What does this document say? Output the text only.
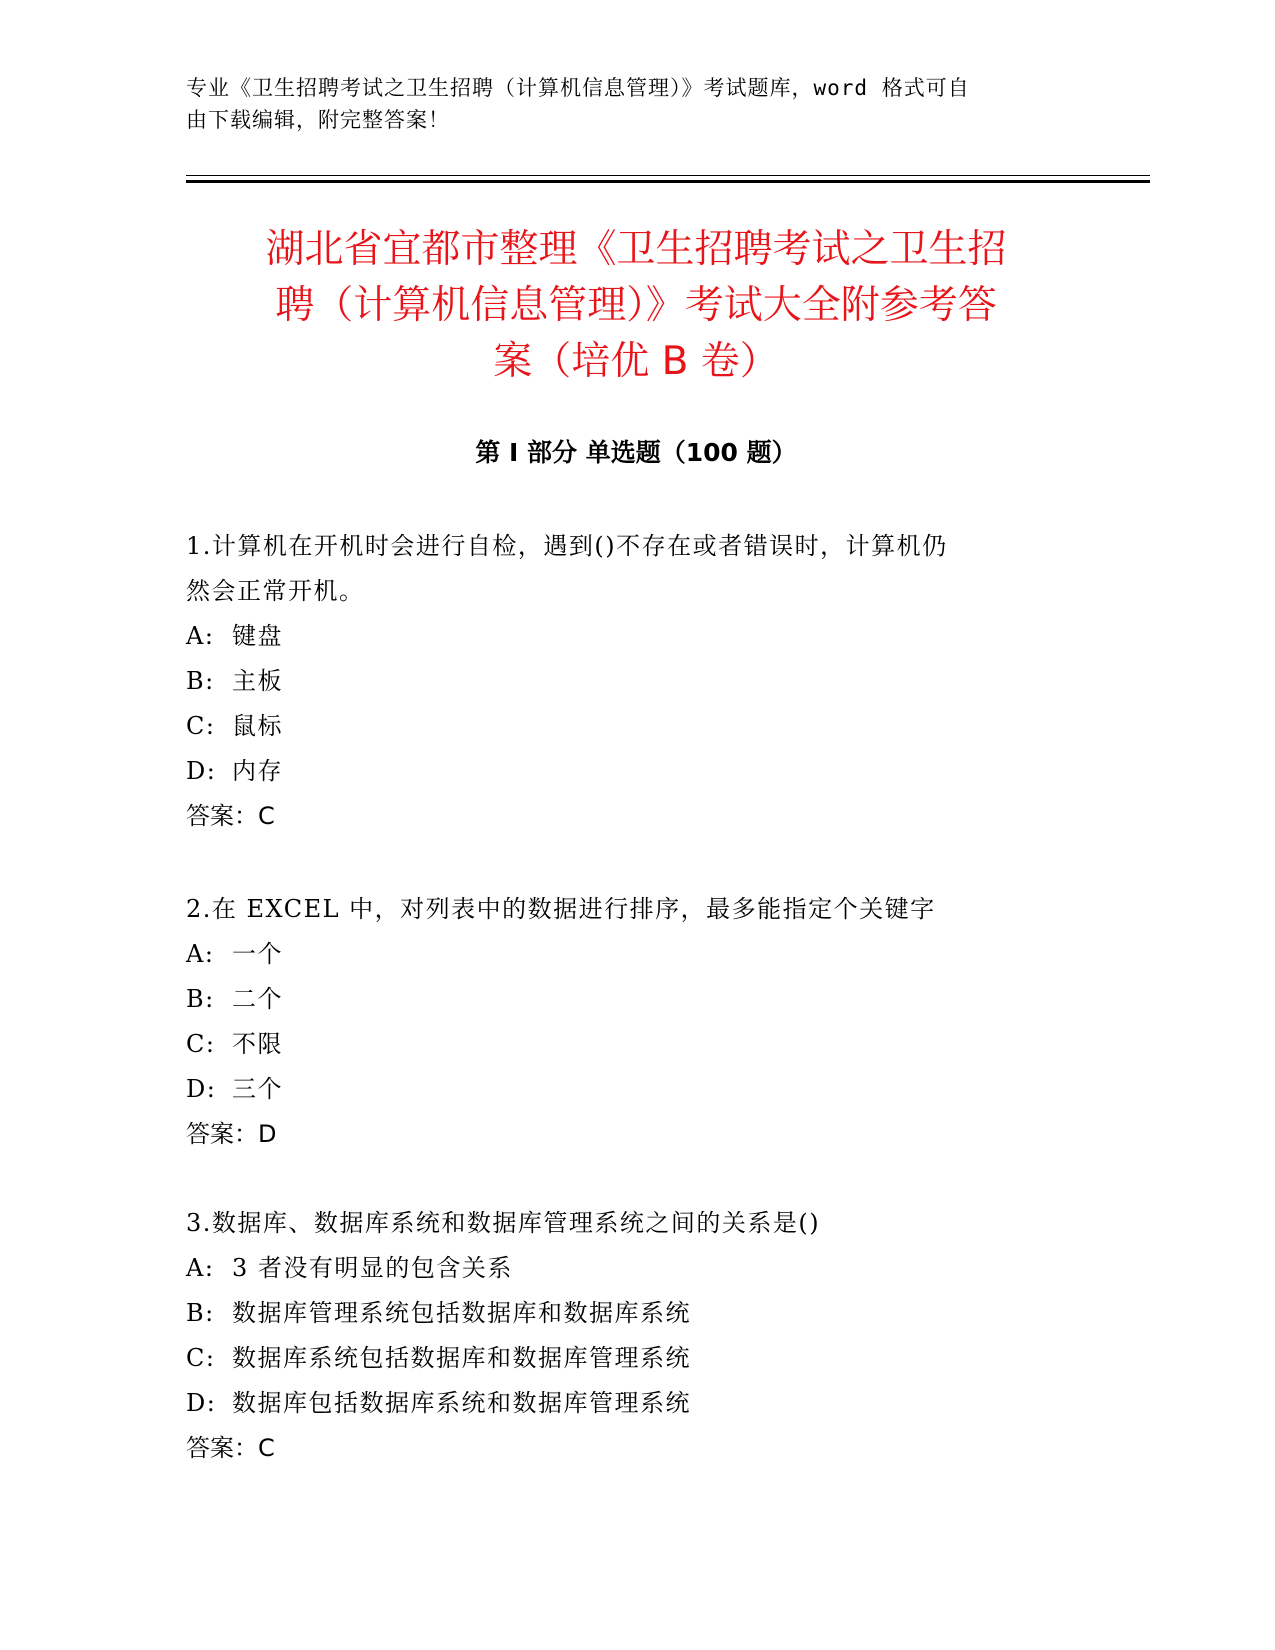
专业《卫生招聘考试之卫生招聘（计算机信息管理）》考试题库，word 格式可自
由下载编辑，附完整答案！
湖北省宜都市整理《卫生招聘考试之卫生招
聘（计算机信息管理）》考试大全附参考答
案（培优 B 卷）
第 I 部分 单选题（100 题）

1.计算机在开机时会进行自检，遇到()不存在或者错误时，计算机仍
然会正常开机。

A: 键盘

B: 主板

C: 鼠标

D: 内存

答案：C

2.在 EXCEL 中，对列表中的数据进行排序，最多能指定个关键字

A: 一个

B: 二个

C: 不限

D: 三个

答案：D

3.数据库、数据库系统和数据库管理系统之间的关系是()

A: 3 者没有明显的包含关系

B: 数据库管理系统包括数据库和数据库系统

C: 数据库系统包括数据库和数据库管理系统

D: 数据库包括数据库系统和数据库管理系统

答案：C
